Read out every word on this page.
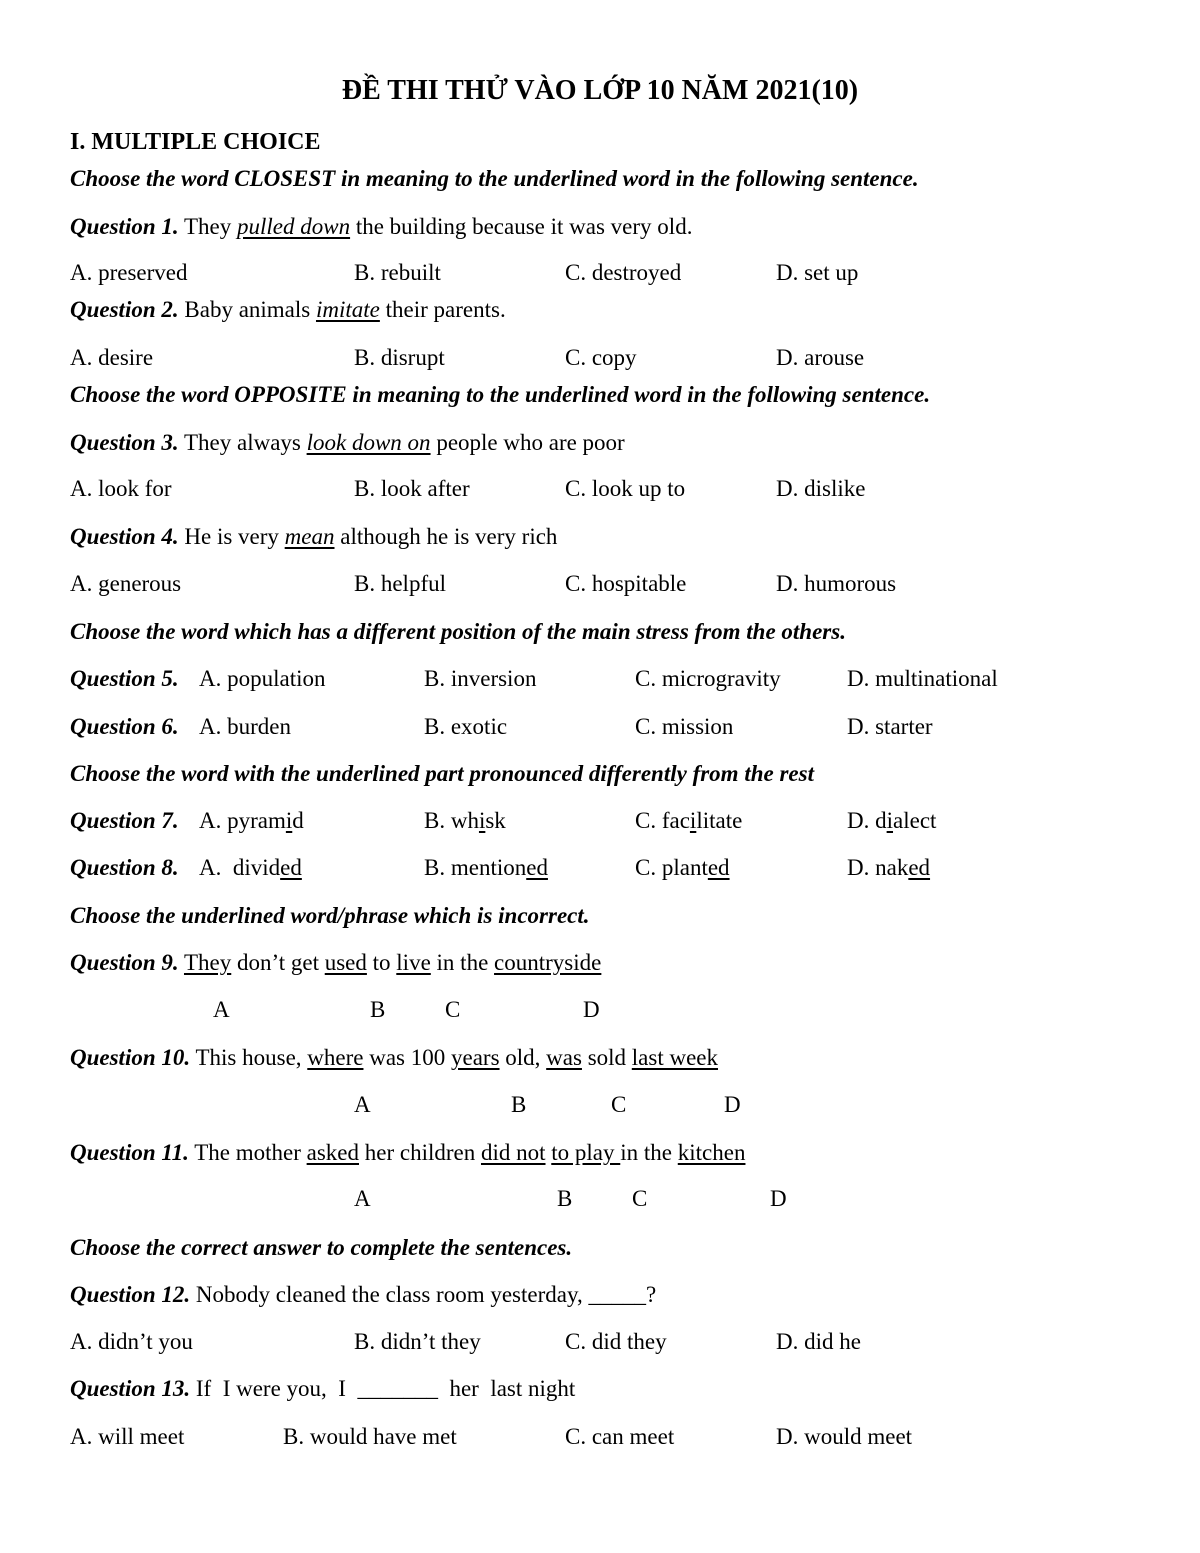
ĐỀ THI THỬ VÀO LỚP 10 NĂM 2021(10)
I. MULTIPLE CHOICE
Choose the word CLOSEST in meaning to the underlined word in the following sentence.
Question 1. They pulled down the building because it was very old.
A. preserved	B. rebuilt	C. destroyed	D. set up
Question 2. Baby animals imitate their parents.
A. desire	B. disrupt	C. copy	D. arouse
Choose the word OPPOSITE in meaning to the underlined word in the following sentence.
Question 3. They always look down on people who are poor
A. look for	B. look after	C. look up to	D. dislike
Question 4. He is very mean although he is very rich
A. generous	B. helpful	C. hospitable	D. humorous
Choose the word which has a different position of the main stress from the others.
Question 5. A. population	B. inversion	C. microgravity	D. multinational
Question 6. A. burden	B. exotic	C. mission	D. starter
Choose the word with the underlined part pronounced differently from the rest
Question 7. A. pyramid	B. whisk	C. facilitate	D. dialect
Question 8. A.  divided	B. mentioned	C. planted	D. naked
Choose the underlined word/phrase which is incorrect.
Question 9. They don’t get used to live in the countryside
A	B	C	D
Question 10. This house, where was 100 years old, was sold last week
A	B	C	D
Question 11. The mother asked her children did not to play in the kitchen
A	B	C	D
Choose the correct answer to complete the sentences.
Question 12. Nobody cleaned the class room yesterday, _____?
A. didn’t you	B. didn’t they	C. did they	D. did he
Question 13. If  I were you,  I  _______  her  last night
A. will meet	B. would have met	C. can meet	D. would meet
